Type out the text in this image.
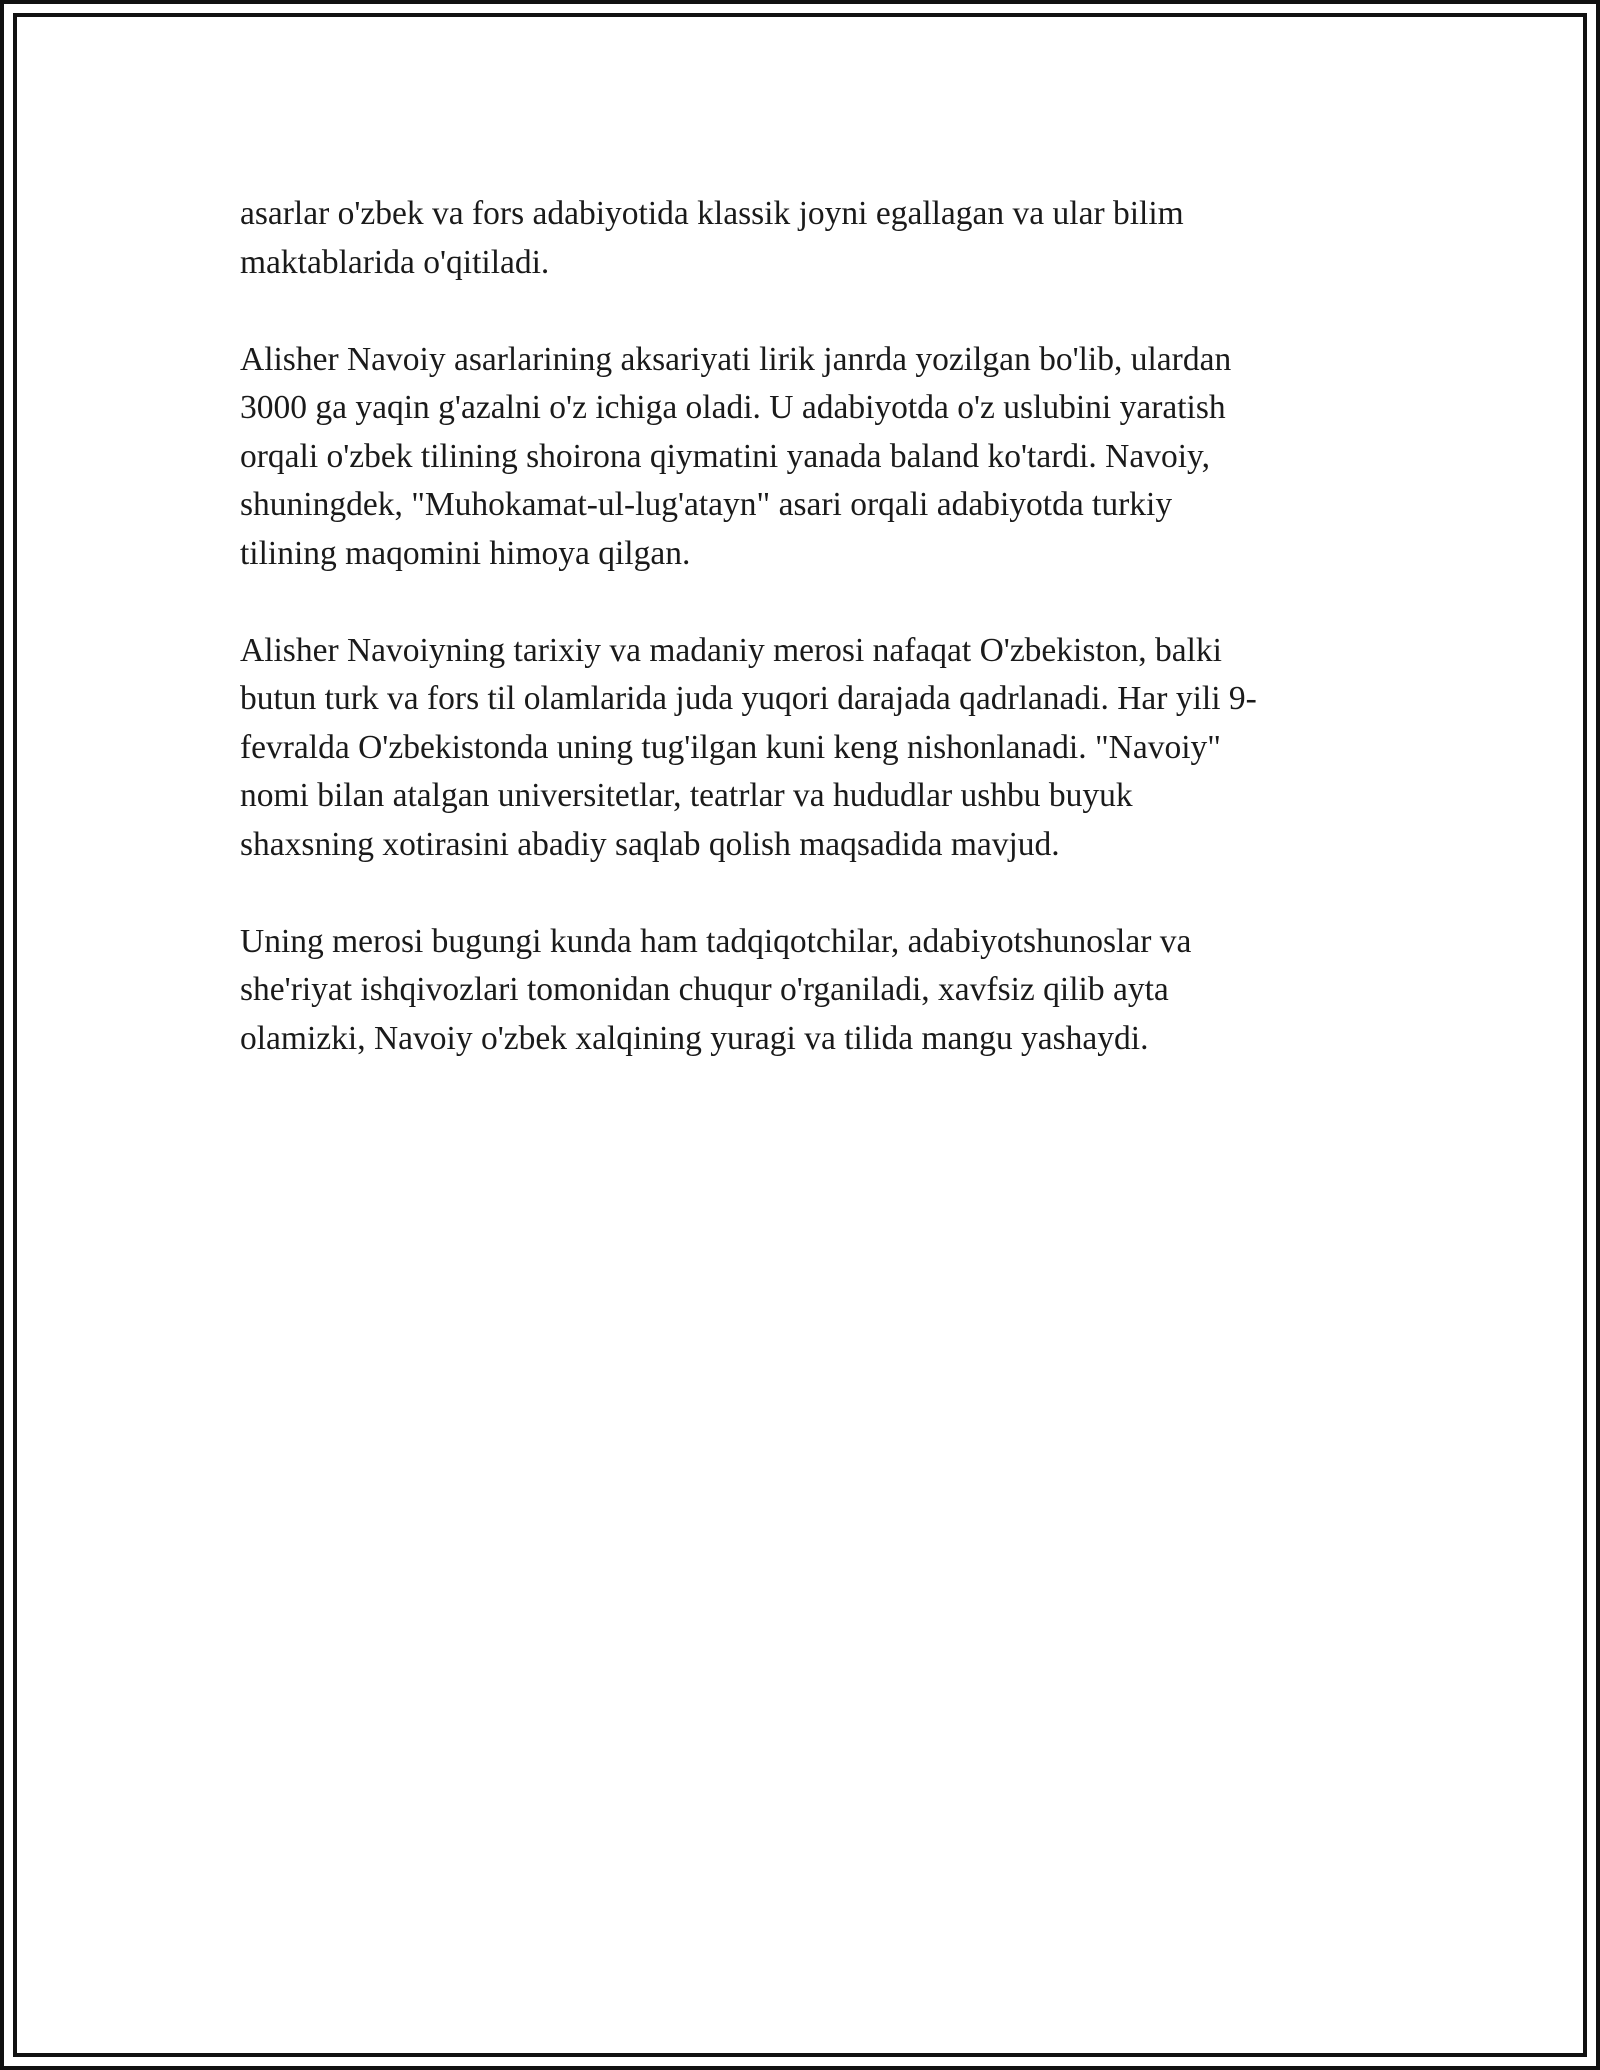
asarlar o'zbek va fors adabiyotida klassik joyni egallagan va ular bilim
maktablarida o'qitiladi.

Alisher Navoiy asarlarining aksariyati lirik janrda yozilgan bo'lib, ulardan
3000 ga yaqin g'azalni o'z ichiga oladi. U adabiyotda o'z uslubini yaratish
orqali o'zbek tilining shoirona qiymatini yanada baland ko'tardi. Navoiy,
shuningdek, "Muhokamat-ul-lug'atayn" asari orqali adabiyotda turkiy
tilining maqomini himoya qilgan.

Alisher Navoiyning tarixiy va madaniy merosi nafaqat O'zbekiston, balki
butun turk va fors til olamlarida juda yuqori darajada qadrlanadi. Har yili 9-
fevralda O'zbekistonda uning tug'ilgan kuni keng nishonlanadi. "Navoiy"
nomi bilan atalgan universitetlar, teatrlar va hududlar ushbu buyuk
shaxsning xotirasini abadiy saqlab qolish maqsadida mavjud.

Uning merosi bugungi kunda ham tadqiqotchilar, adabiyotshunoslar va
she'riyat ishqivozlari tomonidan chuqur o'rganiladi, xavfsiz qilib ayta
olamizki, Navoiy o'zbek xalqining yuragi va tilida mangu yashaydi.
